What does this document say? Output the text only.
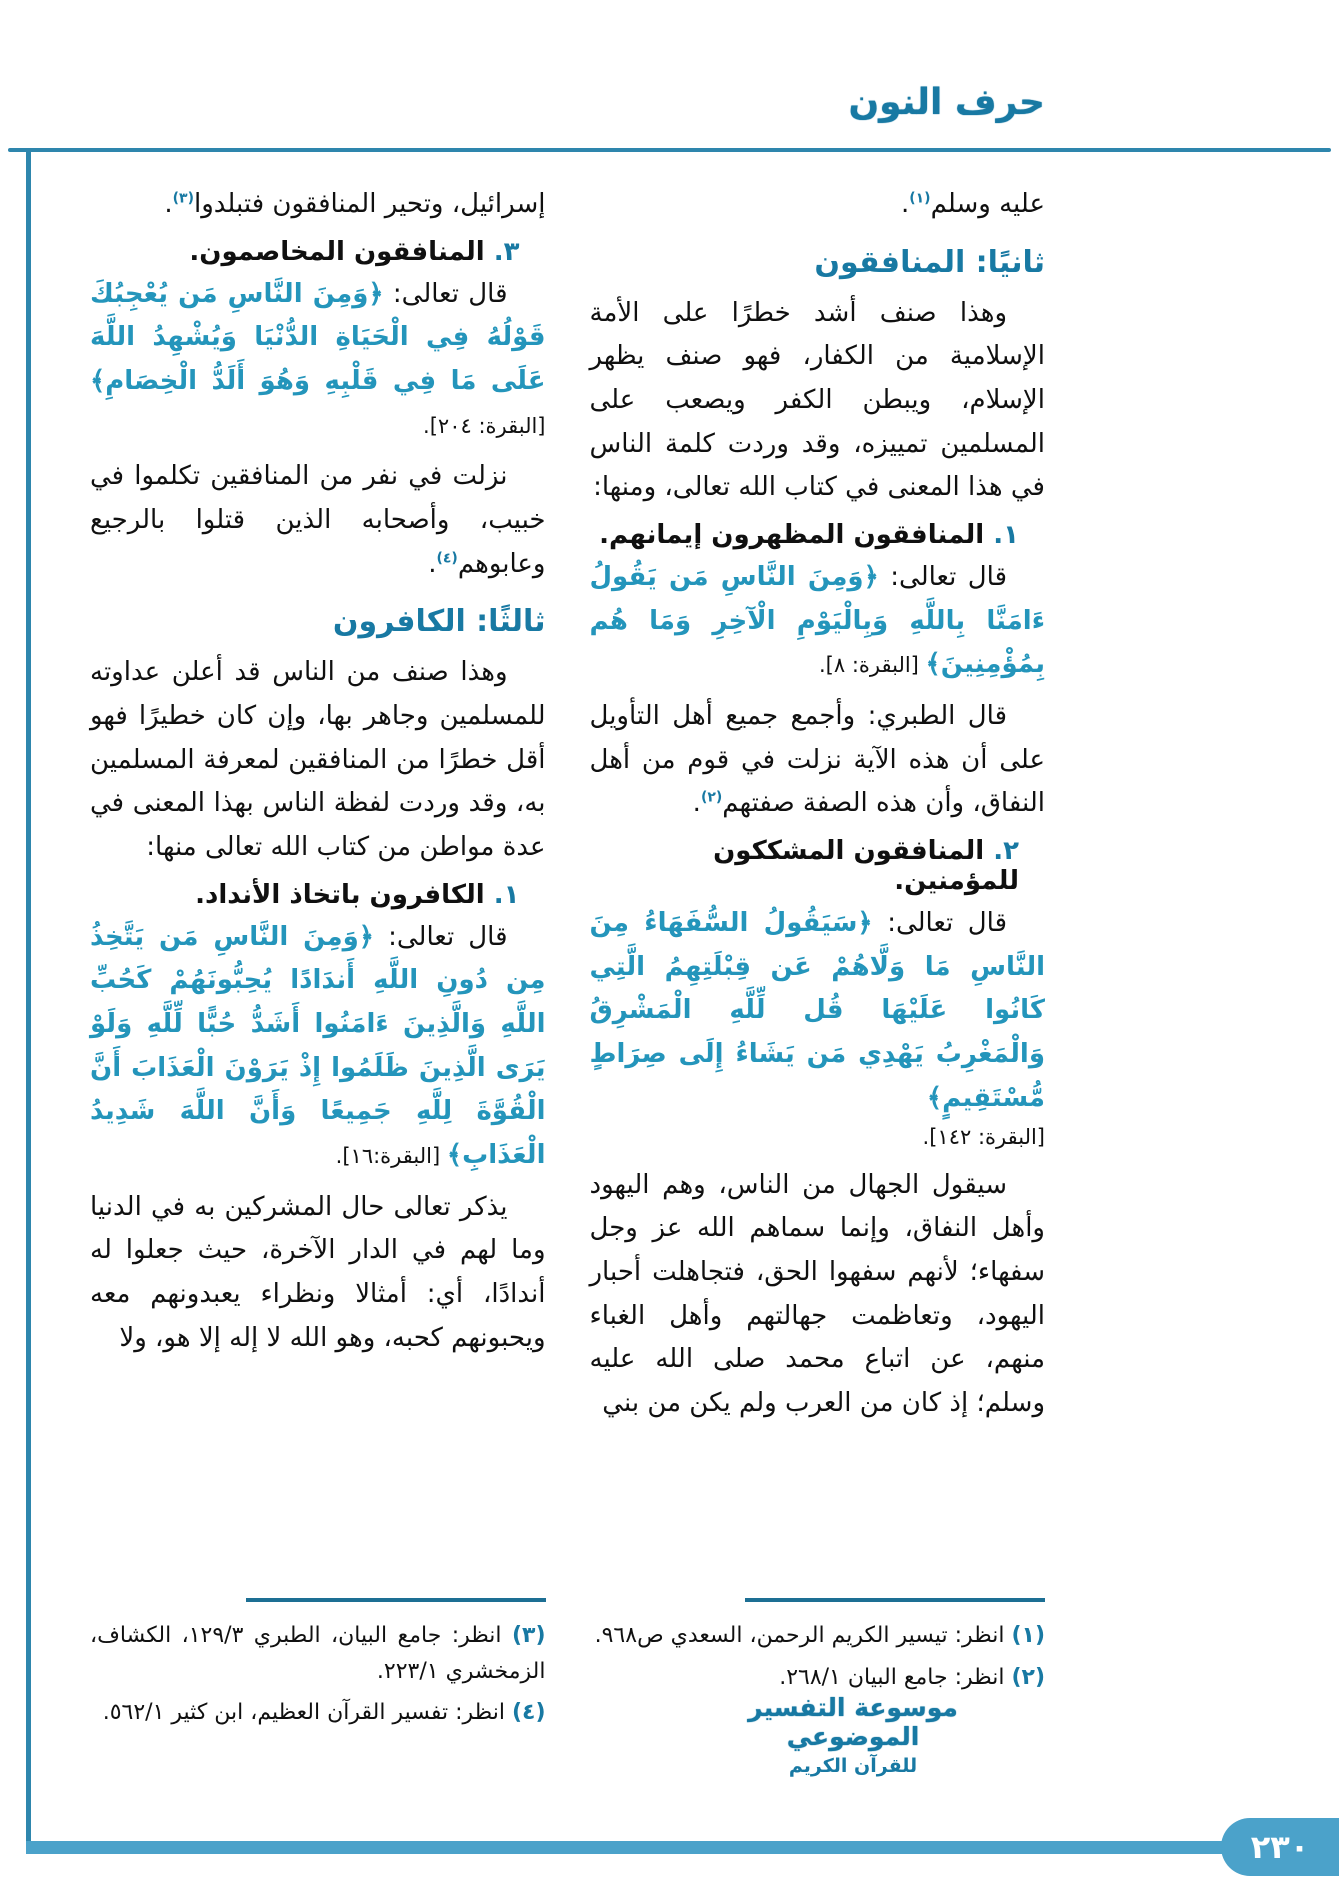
حرف النون
٢٣٠

عليه وسلم$^{(١)}$.

ثانيًا: المنافقون

وهذا صنف أشد خطرًا على الأمة الإسلامية من الكفار، فهو صنف يظهر الإسلام، ويبطن الكفر ويصعب على المسلمين تمييزه، وقد وردت كلمة الناس في هذا المعنى في كتاب الله تعالى، ومنها:

١. المنافقون المظهرون إيمانهم.

قال تعالى: ﴿وَمِنَ النَّاسِ مَن يَقُولُ ءَامَنَّا بِاللَّهِ وَبِالْيَوْمِ الْآخِرِ وَمَا هُم بِمُؤْمِنِينَ﴾ [البقرة: ٨].

قال الطبري: وأجمع جميع أهل التأويل على أن هذه الآية نزلت في قوم من أهل النفاق، وأن هذه الصفة صفتهم$^{(٢)}$.

٢. المنافقون المشككون للمؤمنين.

قال تعالى: ﴿سَيَقُولُ السُّفَهَاءُ مِنَ النَّاسِ مَا وَلَّاهُمْ عَن قِبْلَتِهِمُ الَّتِي كَانُوا عَلَيْهَا قُل لِّلَّهِ الْمَشْرِقُ وَالْمَغْرِبُ يَهْدِي مَن يَشَاءُ إِلَى صِرَاطٍ مُّسْتَقِيمٍ﴾
[البقرة: ١٤٢].

سيقول الجهال من الناس، وهم اليهود وأهل النفاق، وإنما سماهم الله عز وجل سفهاء؛ لأنهم سفهوا الحق، فتجاهلت أحبار اليهود، وتعاظمت جهالتهم وأهل الغباء منهم، عن اتباع محمد صلى الله عليه وسلم؛ إذ كان من العرب ولم يكن من بني

إسرائيل، وتحير المنافقون فتبلدوا$^{(٣)}$.

٣. المنافقون المخاصمون.

قال تعالى: ﴿وَمِنَ النَّاسِ مَن يُعْجِبُكَ قَوْلُهُ فِي الْحَيَاةِ الدُّنْيَا وَيُشْهِدُ اللَّهَ عَلَى مَا فِي قَلْبِهِ وَهُوَ أَلَدُّ الْخِصَامِ﴾ [البقرة: ٢٠٤].

نزلت في نفر من المنافقين تكلموا في خبيب، وأصحابه الذين قتلوا بالرجيع وعابوهم$^{(٤)}$.

ثالثًا: الكافرون

وهذا صنف من الناس قد أعلن عداوته للمسلمين وجاهر بها، وإن كان خطيرًا فهو أقل خطرًا من المنافقين لمعرفة المسلمين به، وقد وردت لفظة الناس بهذا المعنى في عدة مواطن من كتاب الله تعالى منها:

١. الكافرون باتخاذ الأنداد.

قال تعالى: ﴿وَمِنَ النَّاسِ مَن يَتَّخِذُ مِن دُونِ اللَّهِ أَندَادًا يُحِبُّونَهُمْ كَحُبِّ اللَّهِ وَالَّذِينَ ءَامَنُوا أَشَدُّ حُبًّا لِّلَّهِ وَلَوْ يَرَى الَّذِينَ ظَلَمُوا إِذْ يَرَوْنَ الْعَذَابَ أَنَّ الْقُوَّةَ لِلَّهِ جَمِيعًا وَأَنَّ اللَّهَ شَدِيدُ الْعَذَابِ﴾ [البقرة:١٦].

يذكر تعالى حال المشركين به في الدنيا وما لهم في الدار الآخرة، حيث جعلوا له أندادًا، أي: أمثالا ونظراء يعبدونهم معه ويحبونهم كحبه، وهو الله لا إله إلا هو، ولا

(١) انظر: تيسير الكريم الرحمن، السعدي ص٩٦٨.

(٢) انظر: جامع البيان ٢٦٨/١.

(٣) انظر: جامع البيان، الطبري ١٢٩/٣، الكشاف، الزمخشري ٢٢٣/١.

(٤) انظر: تفسير القرآن العظيم، ابن كثير ٥٦٢/١.	موسوعة التفسير الموضوعي
للقرآن الكريم
